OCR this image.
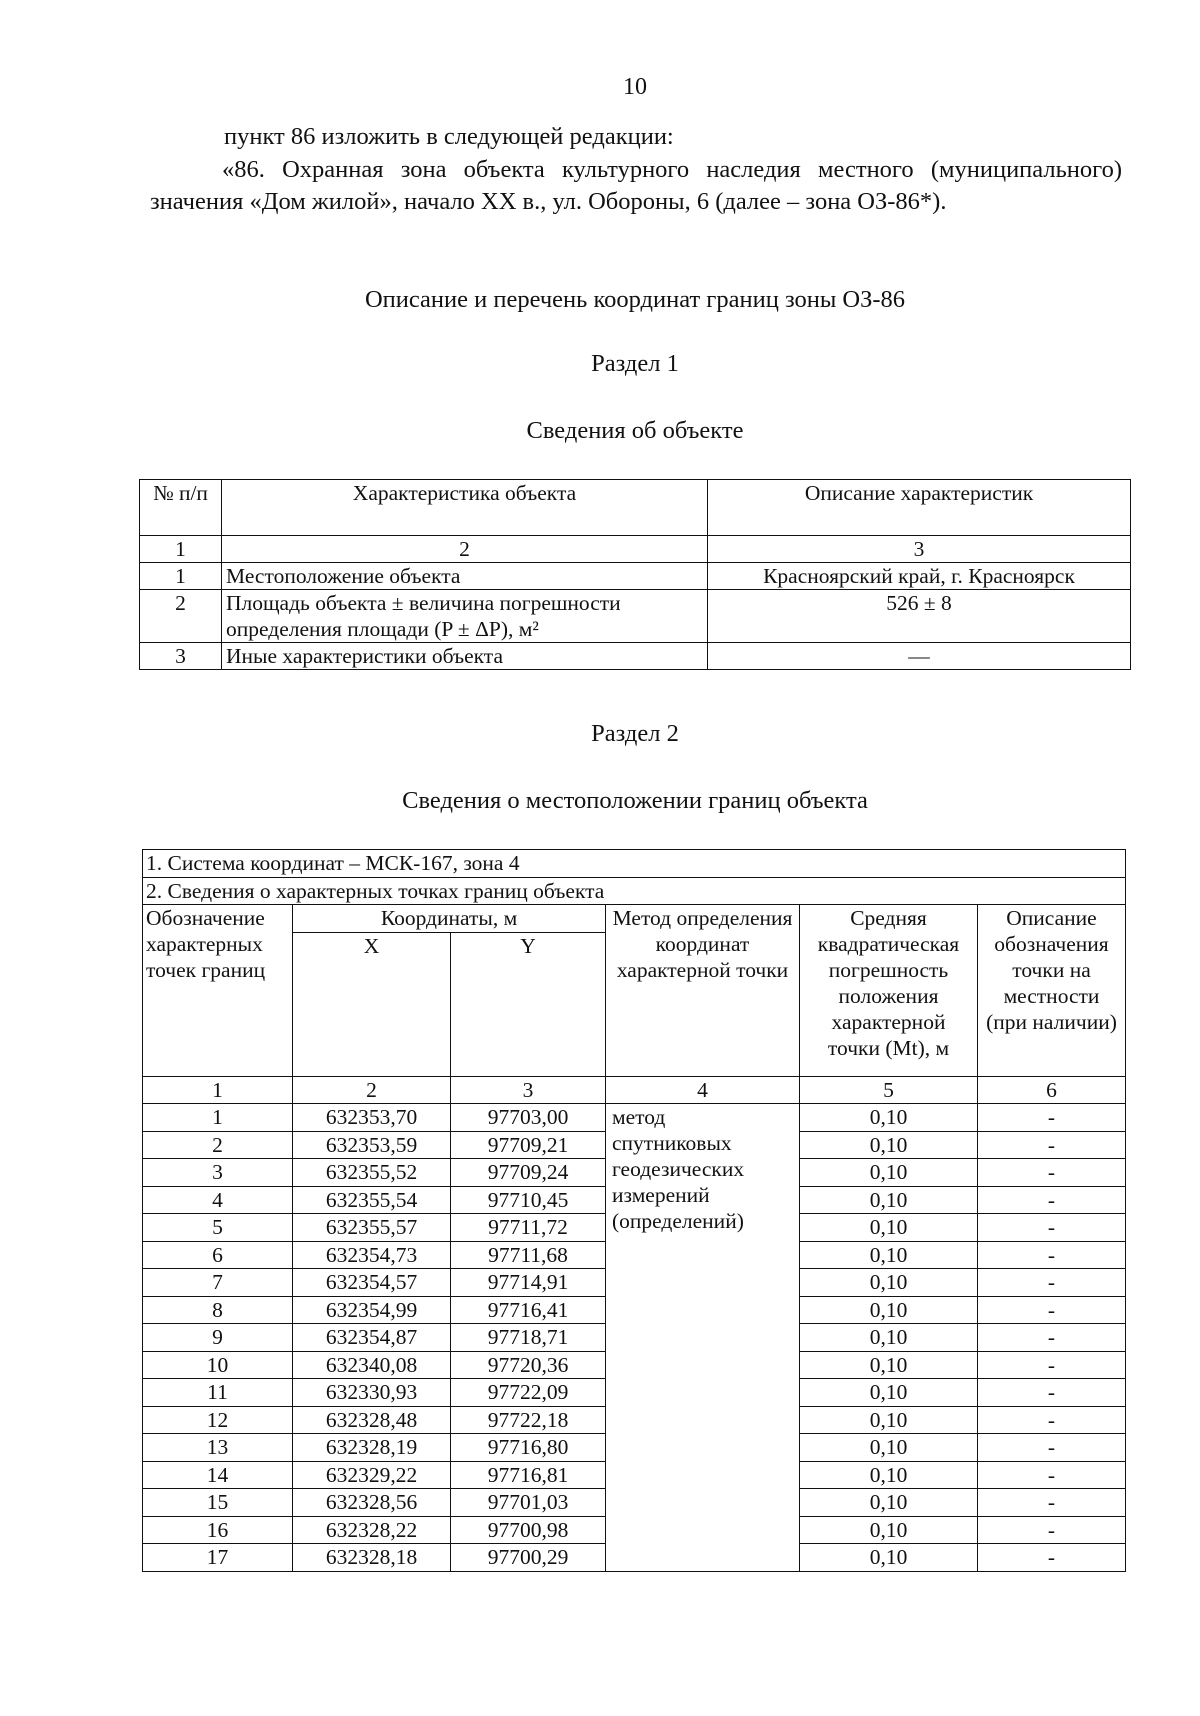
10

пункт 86 изложить в следующей редакции:

«86. Охранная зона объекта культурного наследия местного (муниципального) значения «Дом жилой», начало XX в., ул. Обороны, 6 (далее – зона ОЗ-86*).

Описание и перечень координат границ зоны ОЗ-86
Раздел 1
Сведения об объекте
№ п/п	Характеристика объекта	Описание характеристик
1	2	3
1	Местоположение объекта	Красноярский край, г. Красноярск
2	Площадь объекта ± величина погрешности определения площади (P ± ΔP), м²	526 ± 8
3	Иные характеристики объекта	—
Раздел 2
Сведения о местоположении границ объекта
1. Система координат – МСК-167, зона 4					
2. Сведения о характерных точках границ объекта					
Обозначение характерных точек границ	Координаты, м		Метод определения координат характерной точки	Средняя квадратическая погрешность положения характерной точки (Mt), м	Описание обозначения точки на местности (при наличии)
	X	Y			
1	2	3	4	5	6
1	632353,70	97703,00	метод спутниковых геодезических измерений (определений)	0,10	-
2	632353,59	97709,21		0,10	-
3	632355,52	97709,24		0,10	-
4	632355,54	97710,45		0,10	-
5	632355,57	97711,72		0,10	-
6	632354,73	97711,68		0,10	-
7	632354,57	97714,91		0,10	-
8	632354,99	97716,41		0,10	-
9	632354,87	97718,71		0,10	-
10	632340,08	97720,36		0,10	-
11	632330,93	97722,09		0,10	-
12	632328,48	97722,18		0,10	-
13	632328,19	97716,80		0,10	-
14	632329,22	97716,81		0,10	-
15	632328,56	97701,03		0,10	-
16	632328,22	97700,98		0,10	-
17	632328,18	97700,29		0,10	-
